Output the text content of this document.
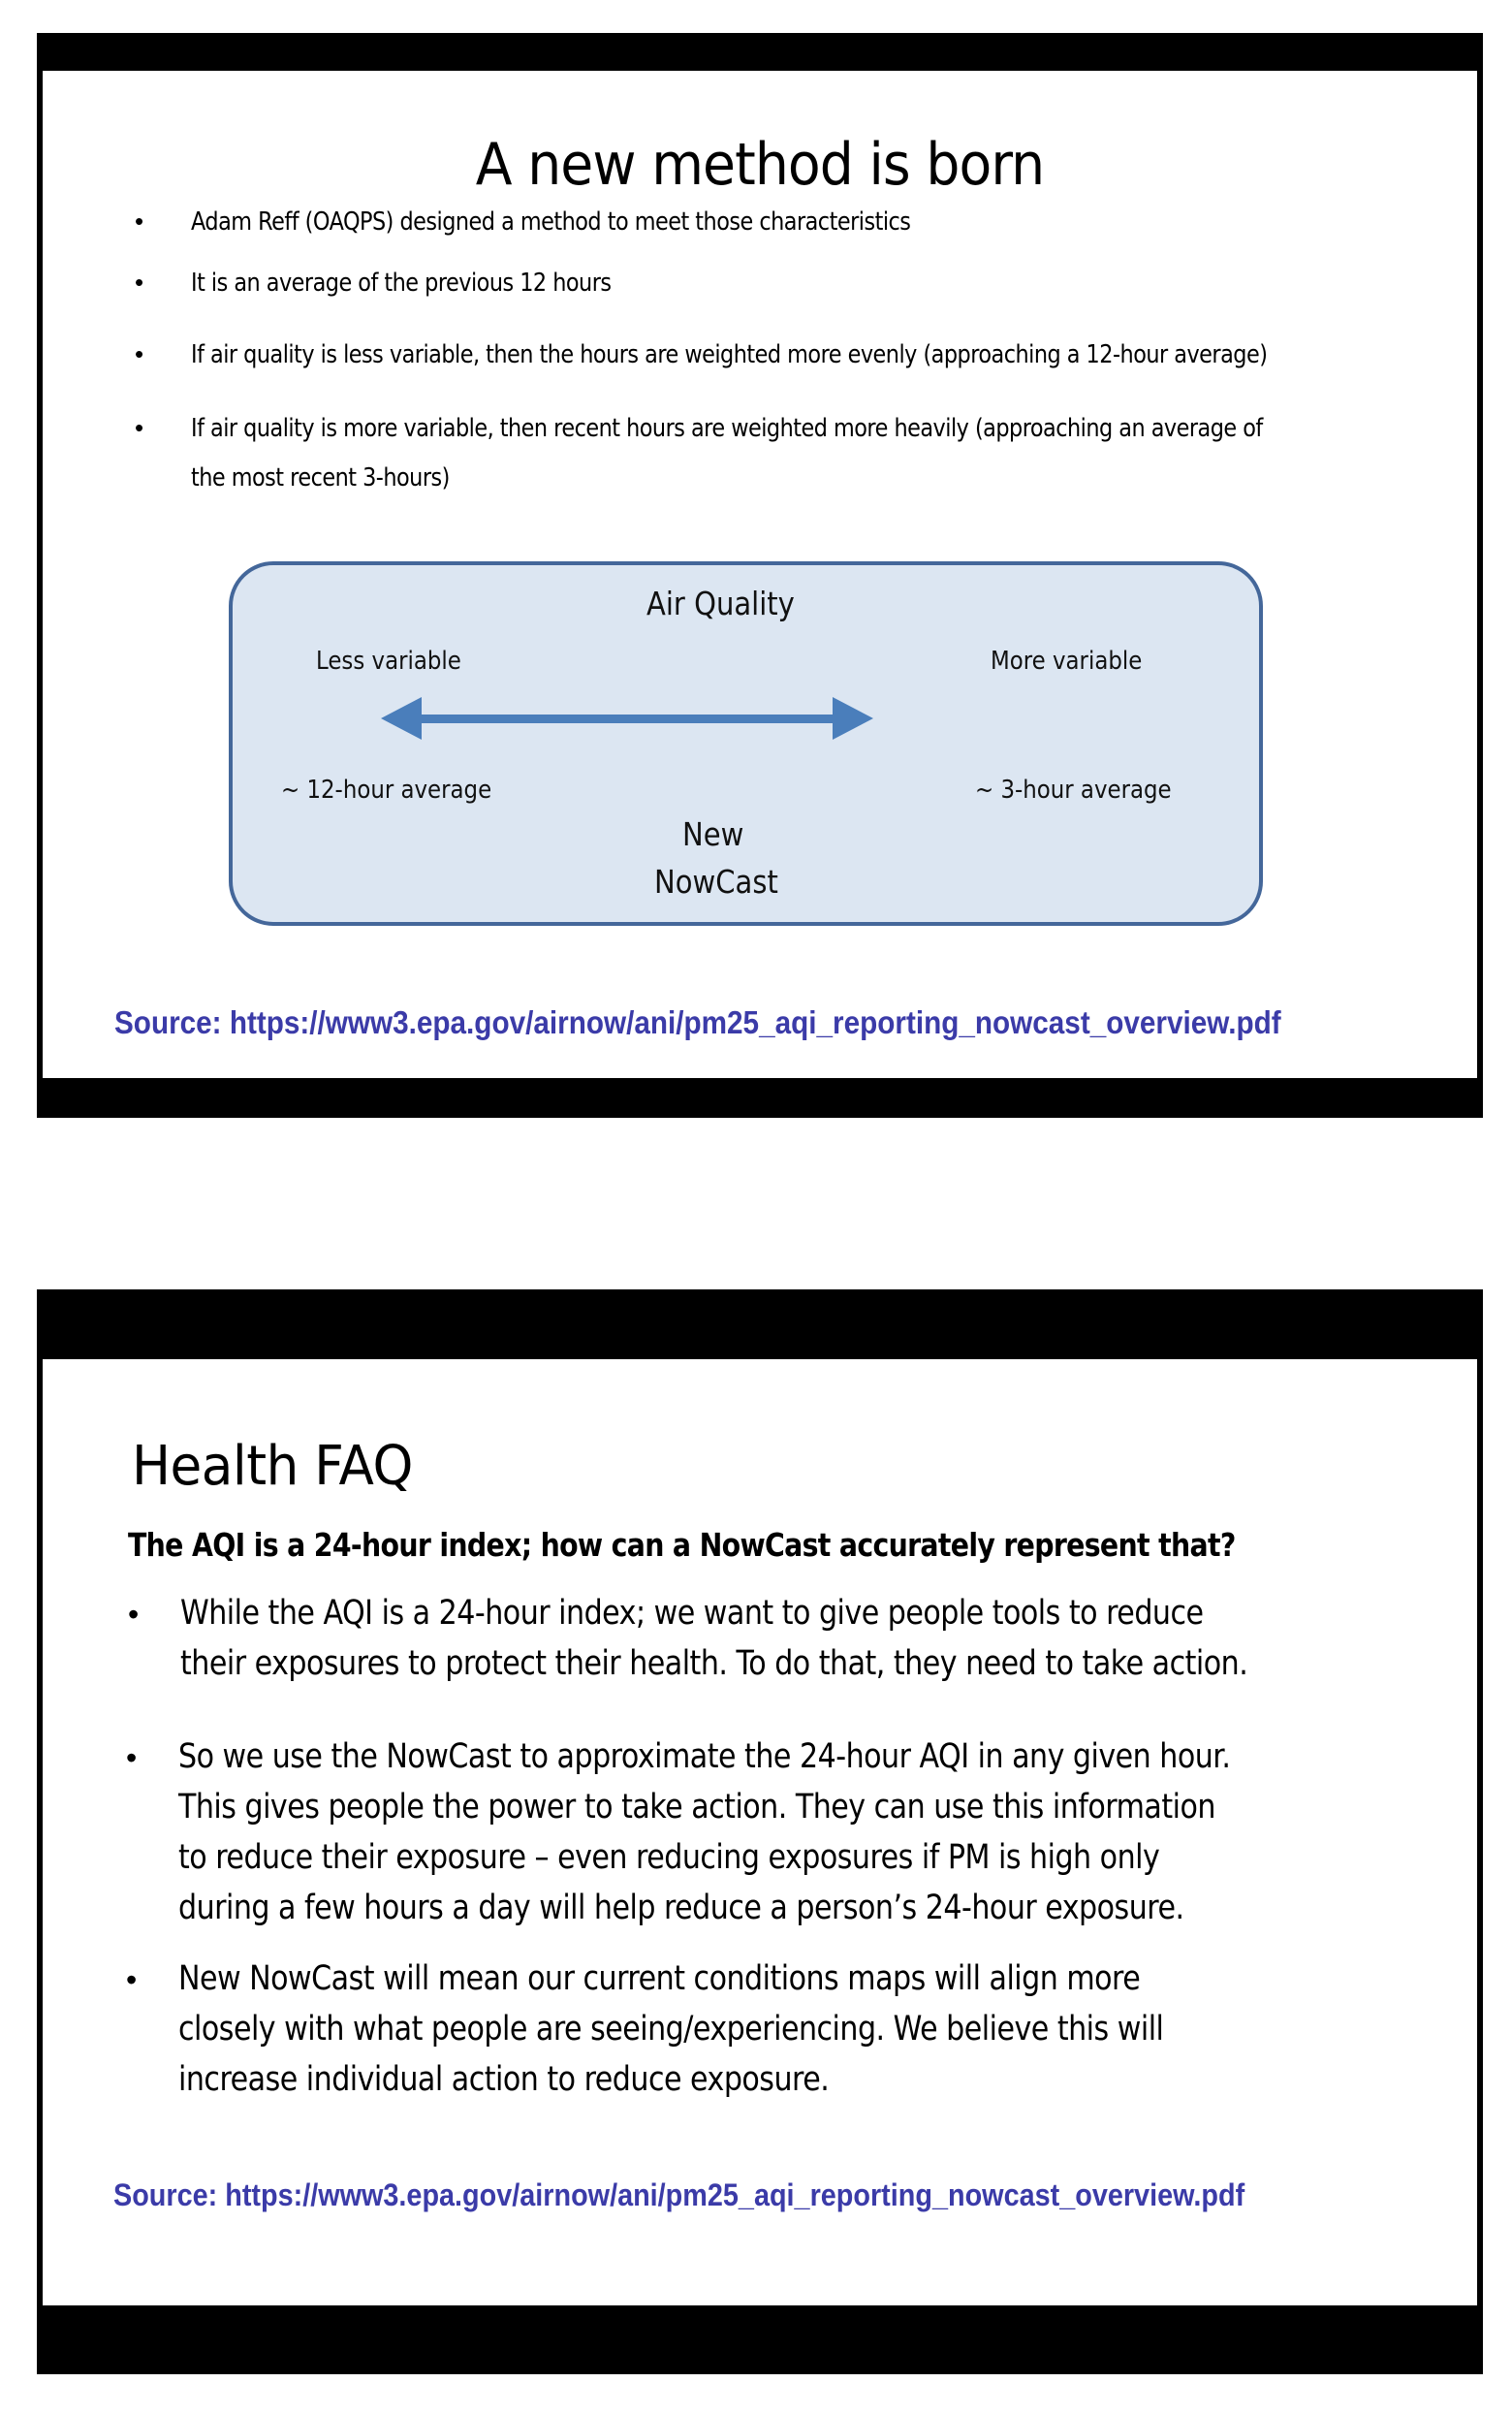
A new method is born
• Adam Reff (OAQPS) designed a method to meet those characteristics
• It is an average of the previous 12 hours
• If air quality is less variable, then the hours are weighted more evenly (approaching a 12-hour average)
• If air quality is more variable, then recent hours are weighted more heavily (approaching an average of
the most recent 3-hours)
Air Quality
Less variable	More variable
~ 12-hour average	~ 3-hour average
New
NowCast
Source: https://www3.epa.gov/airnow/ani/pm25_aqi_reporting_nowcast_overview.pdf
Health FAQ
The AQI is a 24-hour index; how can a NowCast accurately represent that?
• While the AQI is a 24-hour index; we want to give people tools to reduce
their exposures to protect their health. To do that, they need to take action.
• So we use the NowCast to approximate the 24-hour AQI in any given hour.
This gives people the power to take action. They can use this information
to reduce their exposure – even reducing exposures if PM is high only
during a few hours a day will help reduce a person’s 24-hour exposure.
• New NowCast will mean our current conditions maps will align more
closely with what people are seeing/experiencing. We believe this will
increase individual action to reduce exposure.
Source: https://www3.epa.gov/airnow/ani/pm25_aqi_reporting_nowcast_overview.pdf
